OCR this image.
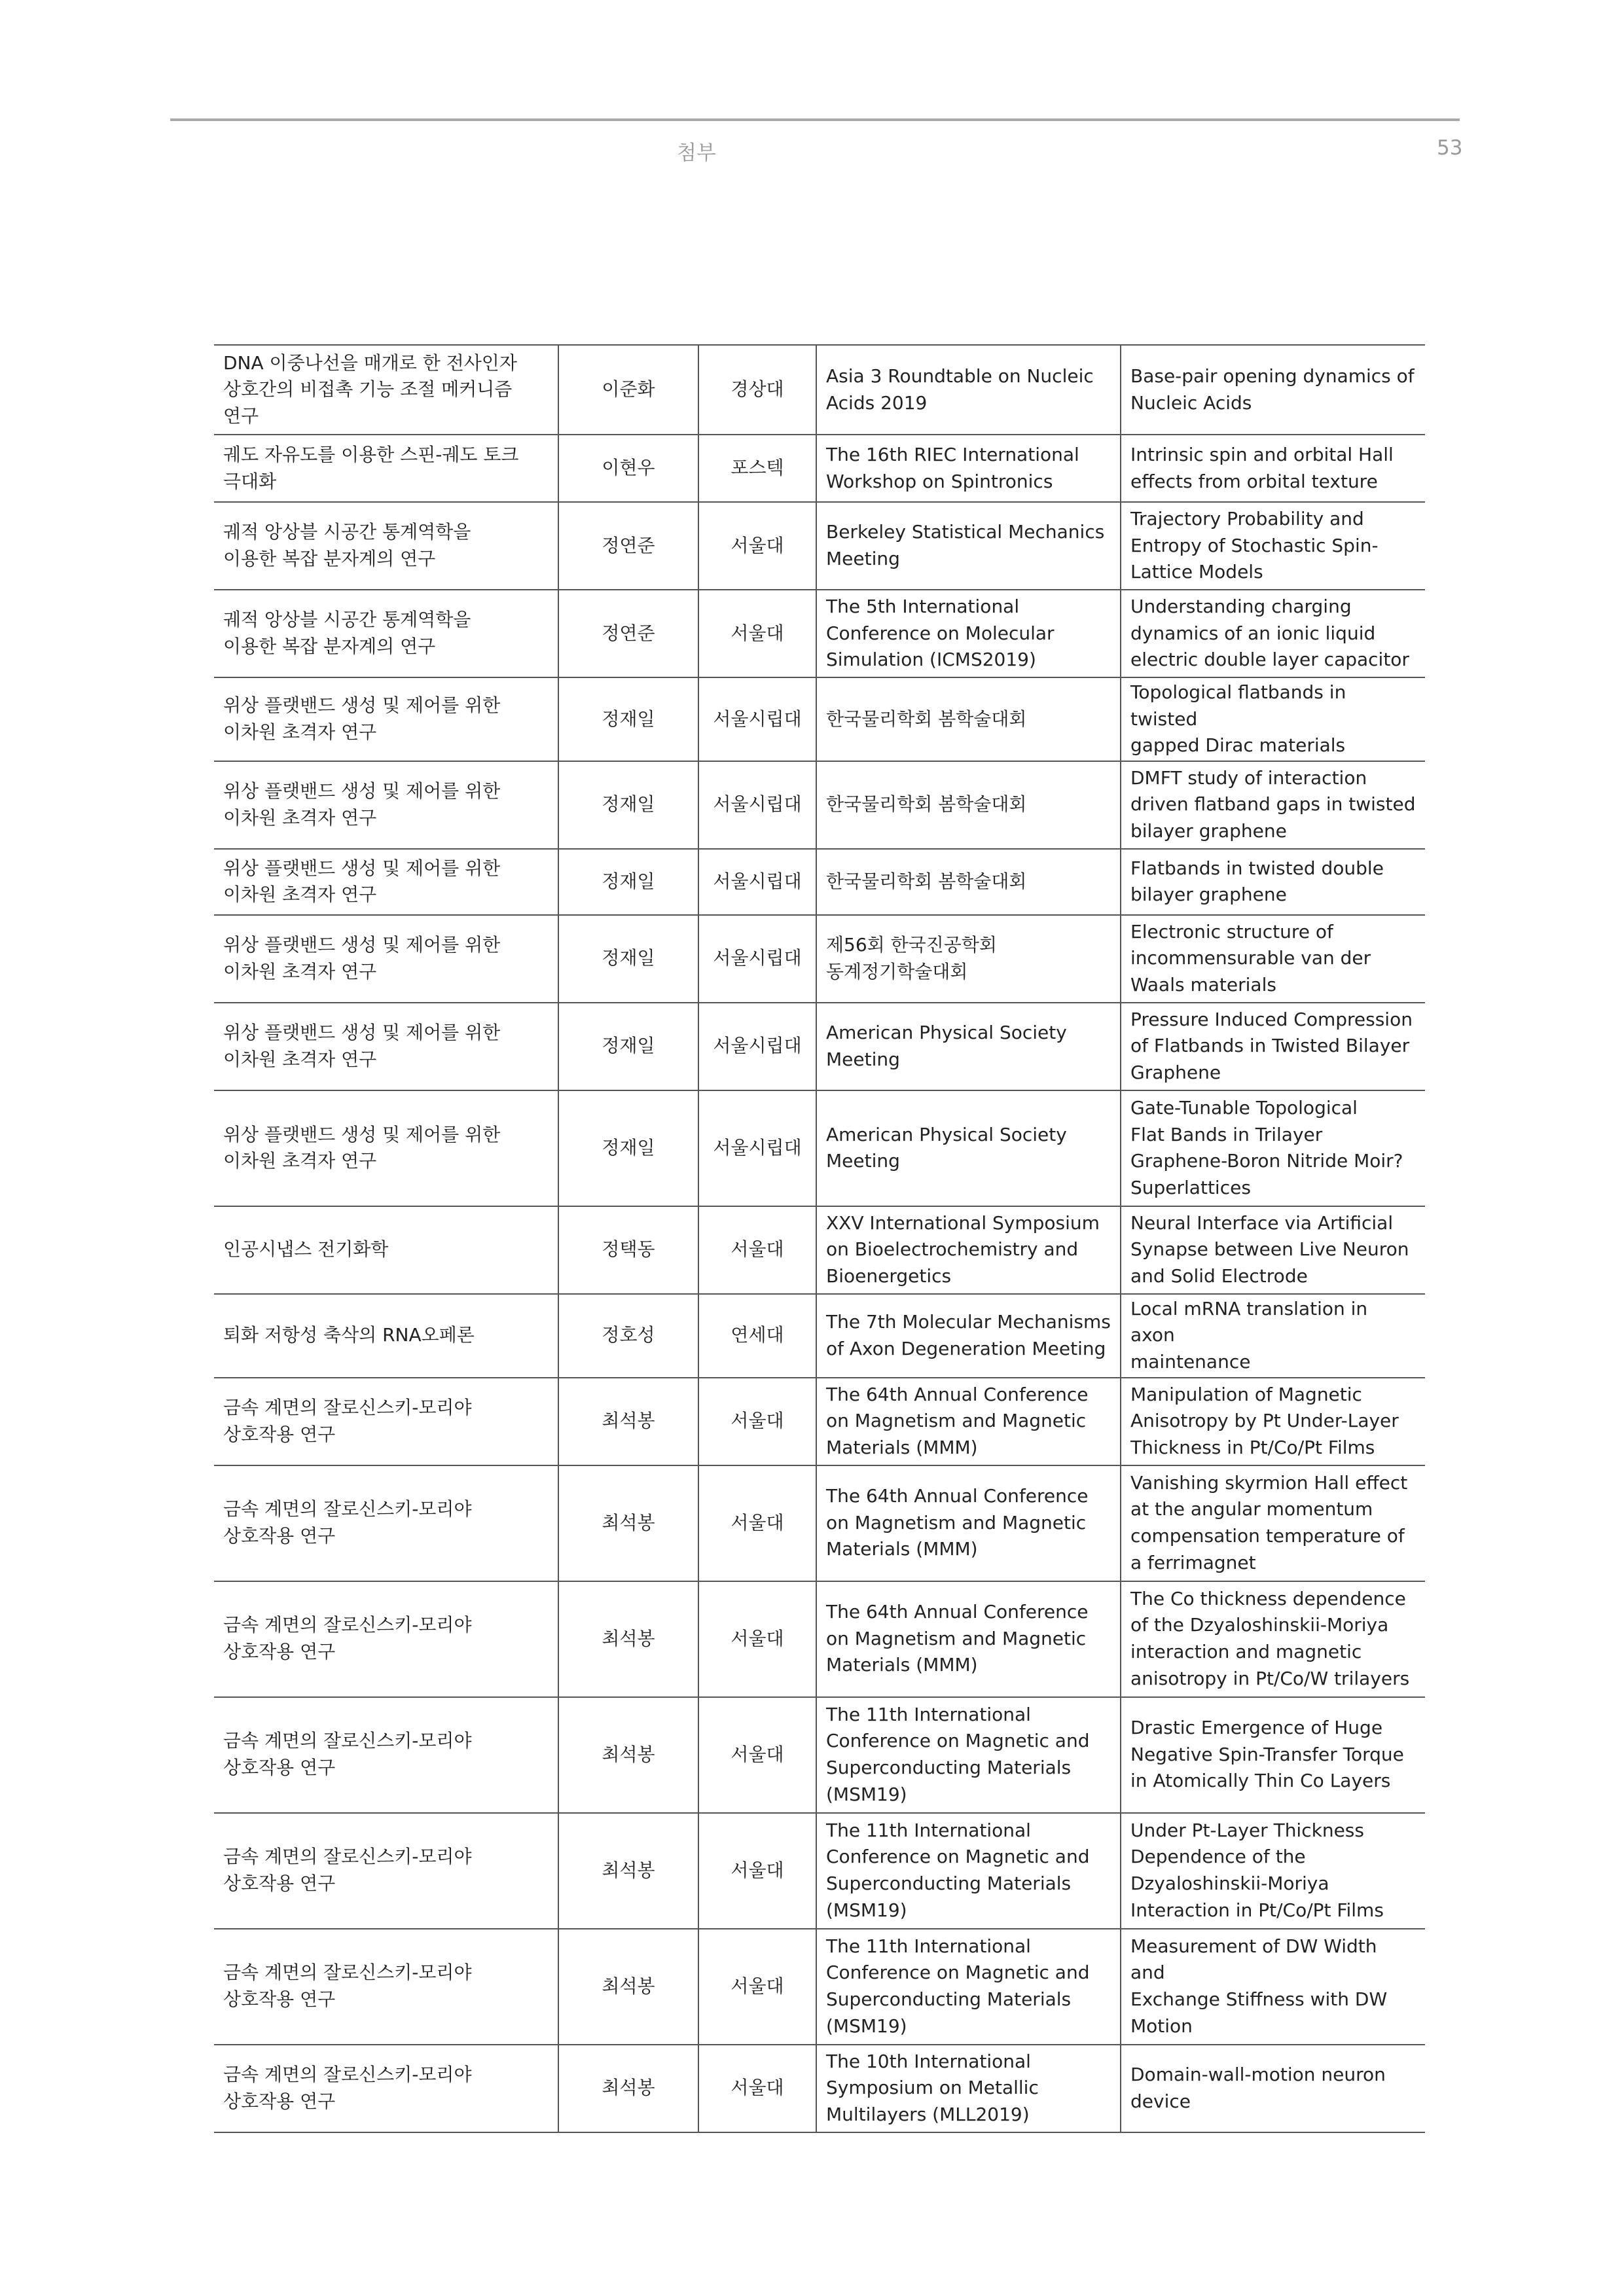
첨부	53
DNA 이중나선을 매개로 한 전사인자
상호간의 비접촉 기능 조절 메커니즘
연구	이준화	경상대	Asia 3 Roundtable on Nucleic
Acids 2019	Base-pair opening dynamics of
Nucleic Acids
궤도 자유도를 이용한 스핀-궤도 토크
극대화	이현우	포스텍	The 16th RIEC International
Workshop on Spintronics	Intrinsic spin and orbital Hall
effects from orbital texture
궤적 앙상블 시공간 통계역학을
이용한 복잡 분자계의 연구	정연준	서울대	Berkeley Statistical Mechanics
Meeting	Trajectory Probability and
Entropy of Stochastic Spin-
Lattice Models
궤적 앙상블 시공간 통계역학을
이용한 복잡 분자계의 연구	정연준	서울대	The 5th International
Conference on Molecular
Simulation (ICMS2019)	Understanding charging
dynamics of an ionic liquid
electric double layer capacitor
위상 플랫밴드 생성 및 제어를 위한
이차원 초격자 연구	정재일	서울시립대	한국물리학회 봄학술대회	Topological flatbands in twisted
gapped Dirac materials
위상 플랫밴드 생성 및 제어를 위한
이차원 초격자 연구	정재일	서울시립대	한국물리학회 봄학술대회	DMFT study of interaction
driven flatband gaps in twisted
bilayer graphene
위상 플랫밴드 생성 및 제어를 위한
이차원 초격자 연구	정재일	서울시립대	한국물리학회 봄학술대회	Flatbands in twisted double
bilayer graphene
위상 플랫밴드 생성 및 제어를 위한
이차원 초격자 연구	정재일	서울시립대	제56회 한국진공학회
동계정기학술대회	Electronic structure of
incommensurable van der
Waals materials
위상 플랫밴드 생성 및 제어를 위한
이차원 초격자 연구	정재일	서울시립대	American Physical Society
Meeting	Pressure Induced Compression
of Flatbands in Twisted Bilayer
Graphene
위상 플랫밴드 생성 및 제어를 위한
이차원 초격자 연구	정재일	서울시립대	American Physical Society
Meeting	Gate-Tunable Topological
Flat Bands in Trilayer
Graphene-Boron Nitride Moir?
Superlattices
인공시냅스 전기화학	정택동	서울대	XXV International Symposium
on Bioelectrochemistry and
Bioenergetics	Neural Interface via Artificial
Synapse between Live Neuron
and Solid Electrode
퇴화 저항성 축삭의 RNA오페론	정호성	연세대	The 7th Molecular Mechanisms
of Axon Degeneration Meeting	Local mRNA translation in axon
maintenance
금속 계면의 잘로신스키-모리야
상호작용 연구	최석봉	서울대	The 64th Annual Conference
on Magnetism and Magnetic
Materials (MMM)	Manipulation of Magnetic
Anisotropy by Pt Under-Layer
Thickness in Pt/Co/Pt Films
금속 계면의 잘로신스키-모리야
상호작용 연구	최석봉	서울대	The 64th Annual Conference
on Magnetism and Magnetic
Materials (MMM)	Vanishing skyrmion Hall effect
at the angular momentum
compensation temperature of
a ferrimagnet
금속 계면의 잘로신스키-모리야
상호작용 연구	최석봉	서울대	The 64th Annual Conference
on Magnetism and Magnetic
Materials (MMM)	The Co thickness dependence
of the Dzyaloshinskii-Moriya
interaction and magnetic
anisotropy in Pt/Co/W trilayers
금속 계면의 잘로신스키-모리야
상호작용 연구	최석봉	서울대	The 11th International
Conference on Magnetic and
Superconducting Materials
(MSM19)	Drastic Emergence of Huge
Negative Spin-Transfer Torque
in Atomically Thin Co Layers
금속 계면의 잘로신스키-모리야
상호작용 연구	최석봉	서울대	The 11th International
Conference on Magnetic and
Superconducting Materials
(MSM19)	Under Pt-Layer Thickness
Dependence of the
Dzyaloshinskii-Moriya
Interaction in Pt/Co/Pt Films
금속 계면의 잘로신스키-모리야
상호작용 연구	최석봉	서울대	The 11th International
Conference on Magnetic and
Superconducting Materials
(MSM19)	Measurement of DW Width and
Exchange Stiffness with DW
Motion
금속 계면의 잘로신스키-모리야
상호작용 연구	최석봉	서울대	The 10th International
Symposium on Metallic
Multilayers (MLL2019)	Domain-wall-motion neuron
device
